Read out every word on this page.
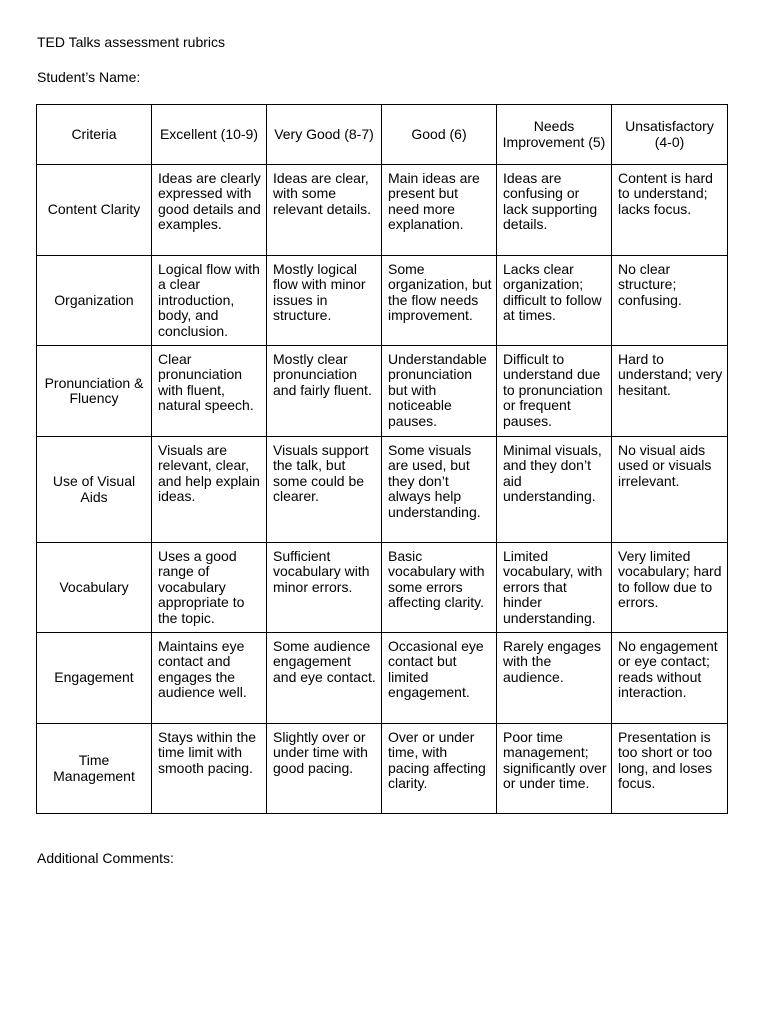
TED Talks assessment rubrics
Student’s Name:
Criteria	Excellent (10-9)	Very Good (8-7)	Good (6)	Needs Improvement (5)	Unsatisfactory (4-0)
Content Clarity	Ideas are clearly expressed with good details and examples.	Ideas are clear, with some relevant details.	Main ideas are present but need more explanation.	Ideas are confusing or lack supporting details.	Content is hard to understand; lacks focus.
Organization	Logical flow with a clear introduction, body, and conclusion.	Mostly logical flow with minor issues in structure.	Some organization, but the flow needs improvement.	Lacks clear organization; difficult to follow at times.	No clear structure; confusing.
Pronunciation & Fluency	Clear pronunciation with fluent, natural speech.	Mostly clear pronunciation and fairly fluent.	Understandable pronunciation but with noticeable pauses.	Difficult to understand due to pronunciation or frequent pauses.	Hard to understand; very hesitant.
Use of Visual Aids	Visuals are relevant, clear, and help explain ideas.	Visuals support the talk, but some could be clearer.	Some visuals are used, but they don’t always help understanding.	Minimal visuals, and they don’t aid understanding.	No visual aids used or visuals irrelevant.
Vocabulary	Uses a good range of vocabulary appropriate to the topic.	Sufficient vocabulary with minor errors.	Basic vocabulary with some errors affecting clarity.	Limited vocabulary, with errors that hinder understanding.	Very limited vocabulary; hard to follow due to errors.
Engagement	Maintains eye contact and engages the audience well.	Some audience engagement and eye contact.	Occasional eye contact but limited engagement.	Rarely engages with the audience.	No engagement or eye contact; reads without interaction.
Time Management	Stays within the time limit with smooth pacing.	Slightly over or under time with good pacing.	Over or under time, with pacing affecting clarity.	Poor time management; significantly over or under time.	Presentation is too short or too long, and loses focus.
Additional Comments:
